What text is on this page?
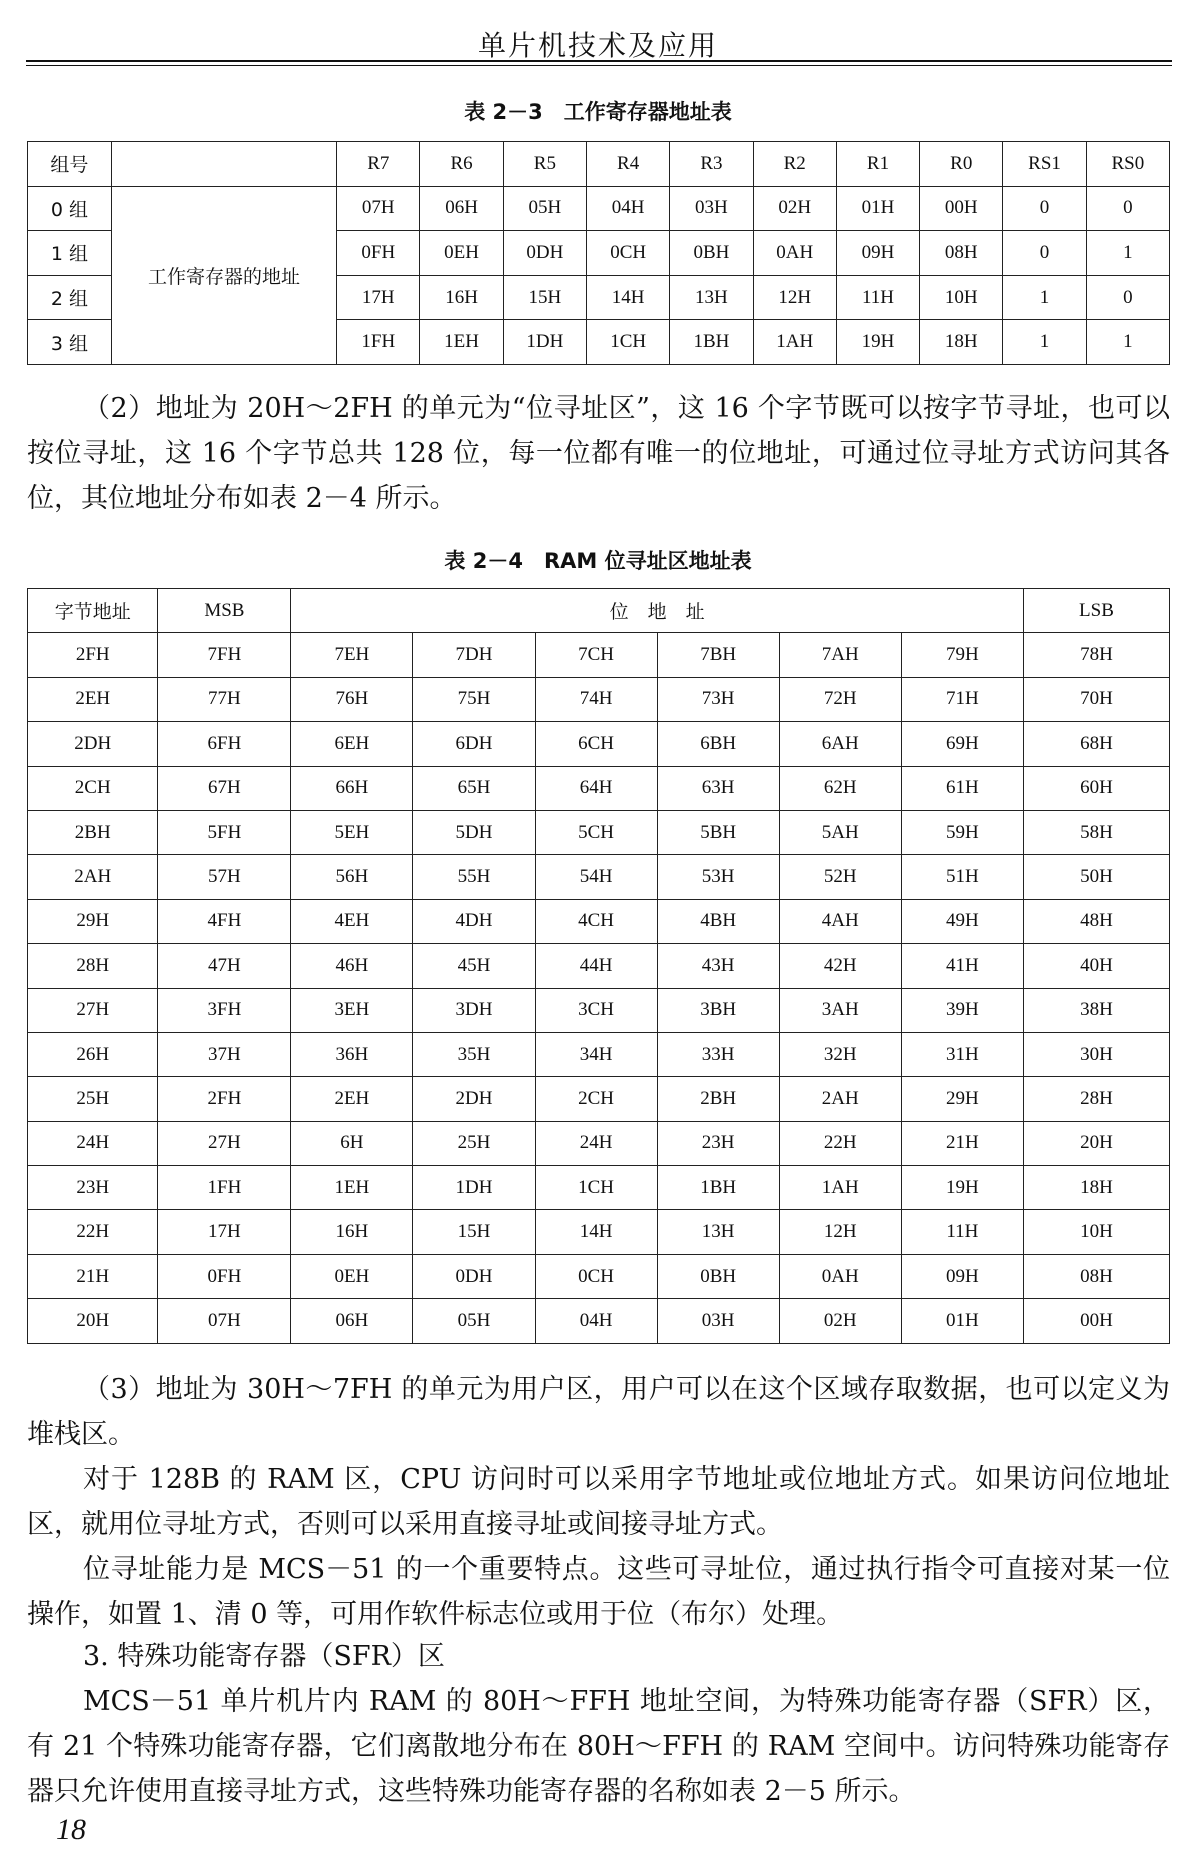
单片机技术及应用
表 2－3　工作寄存器地址表
组号		R7	R6	R5	R4	R3	R2	R1	R0	RS1	RS0
0 组	工作寄存器的地址	07H	06H	05H	04H	03H	02H	01H	00H	0	0
1 组		0FH	0EH	0DH	0CH	0BH	0AH	09H	08H	0	1
2 组		17H	16H	15H	14H	13H	12H	11H	10H	1	0
3 组		1FH	1EH	1DH	1CH	1BH	1AH	19H	18H	1	1
（2）地址为 20H～2FH 的单元为“位寻址区”，这 16 个字节既可以按字节寻址，也可以按位寻址，这 16 个字节总共 128 位，每一位都有唯一的位地址，可通过位寻址方式访问其各位，其位地址分布如表 2－4 所示。
表 2－4　RAM 位寻址区地址表
字节地址	MSB	位　地　址						LSB
2FH	7FH	7EH	7DH	7CH	7BH	7AH	79H	78H
2EH	77H	76H	75H	74H	73H	72H	71H	70H
2DH	6FH	6EH	6DH	6CH	6BH	6AH	69H	68H
2CH	67H	66H	65H	64H	63H	62H	61H	60H
2BH	5FH	5EH	5DH	5CH	5BH	5AH	59H	58H
2AH	57H	56H	55H	54H	53H	52H	51H	50H
29H	4FH	4EH	4DH	4CH	4BH	4AH	49H	48H
28H	47H	46H	45H	44H	43H	42H	41H	40H
27H	3FH	3EH	3DH	3CH	3BH	3AH	39H	38H
26H	37H	36H	35H	34H	33H	32H	31H	30H
25H	2FH	2EH	2DH	2CH	2BH	2AH	29H	28H
24H	27H	6H	25H	24H	23H	22H	21H	20H
23H	1FH	1EH	1DH	1CH	1BH	1AH	19H	18H
22H	17H	16H	15H	14H	13H	12H	11H	10H
21H	0FH	0EH	0DH	0CH	0BH	0AH	09H	08H
20H	07H	06H	05H	04H	03H	02H	01H	00H
（3）地址为 30H～7FH 的单元为用户区，用户可以在这个区域存取数据，也可以定义为堆栈区。
对于 128B 的 RAM 区，CPU 访问时可以采用字节地址或位地址方式。如果访问位地址区，就用位寻址方式，否则可以采用直接寻址或间接寻址方式。
位寻址能力是 MCS－51 的一个重要特点。这些可寻址位，通过执行指令可直接对某一位操作，如置 1、清 0 等，可用作软件标志位或用于位（布尔）处理。
3. 特殊功能寄存器（SFR）区
MCS－51 单片机片内 RAM 的 80H～FFH 地址空间，为特殊功能寄存器（SFR）区，有 21 个特殊功能寄存器，它们离散地分布在 80H～FFH 的 RAM 空间中。访问特殊功能寄存器只允许使用直接寻址方式，这些特殊功能寄存器的名称如表 2－5 所示。
18
